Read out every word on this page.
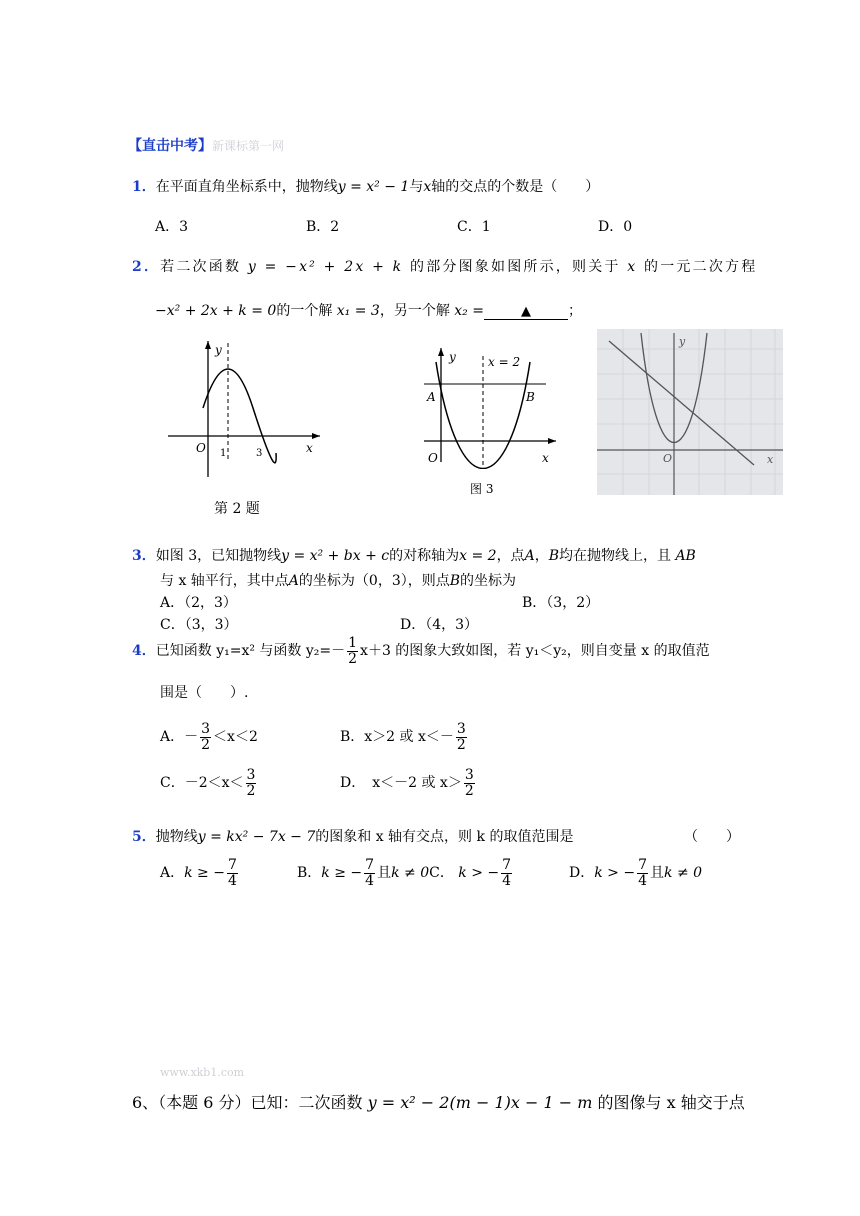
【直击中考】新课标第一网
1．在平面直角坐标系中，抛物线y = x² − 1与x轴的交点的个数是（　　）
A．3	B．2	C．1	D．0
2．若二次函数 y = −x² + 2x + k 的部分图象如图所示，则关于 x 的一元二次方程
−x² + 2x + k = 0的一个解 x₁ = 3，另一个解 x₂ =	▲	；
y
x
O 1	3
第 2 题
y
x
O
x = 2
A	B
图 3
y
x
O
3．如图 3，已知抛物线y = x² + bx + c的对称轴为x = 2，点A，B均在抛物线上，且 AB
与 x 轴平行，其中点A的坐标为（0，3），则点B的坐标为
A．（2，3）	B．（3，2）
C．（3，3）	D．（4，3）
4．已知函数 y₁=x² 与函数 $y_2=- \frac{1}{2} x+3$ 的图象大致如图，若 y₁＜y₂，则自变量 x 的取值范
围是（　　）.
A．－ $\frac{3}{2} <x<2$	B．x＞2 或 $x<- \frac{3}{2}$
C．$-2<x< \frac{3}{2}$	D．　x＜－2 或 $x> \frac{3}{2}$
5．抛物线y = kx² − 7x − 7的图象和 x 轴有交点，则 k 的取值范围是	（　　）
A．k ≥ − $\frac{7}{4}$	B．k ≥ − $\frac{7}{4}$ 且k ≠ 0C． k > − $\frac{7}{4}$	D．k > − $\frac{7}{4}$ 且k ≠ 0
www.xkb1.com
6、（本题 6 分）已知：二次函数 y = x² − 2(m − 1)x − 1 − m 的图像与 x 轴交于点
